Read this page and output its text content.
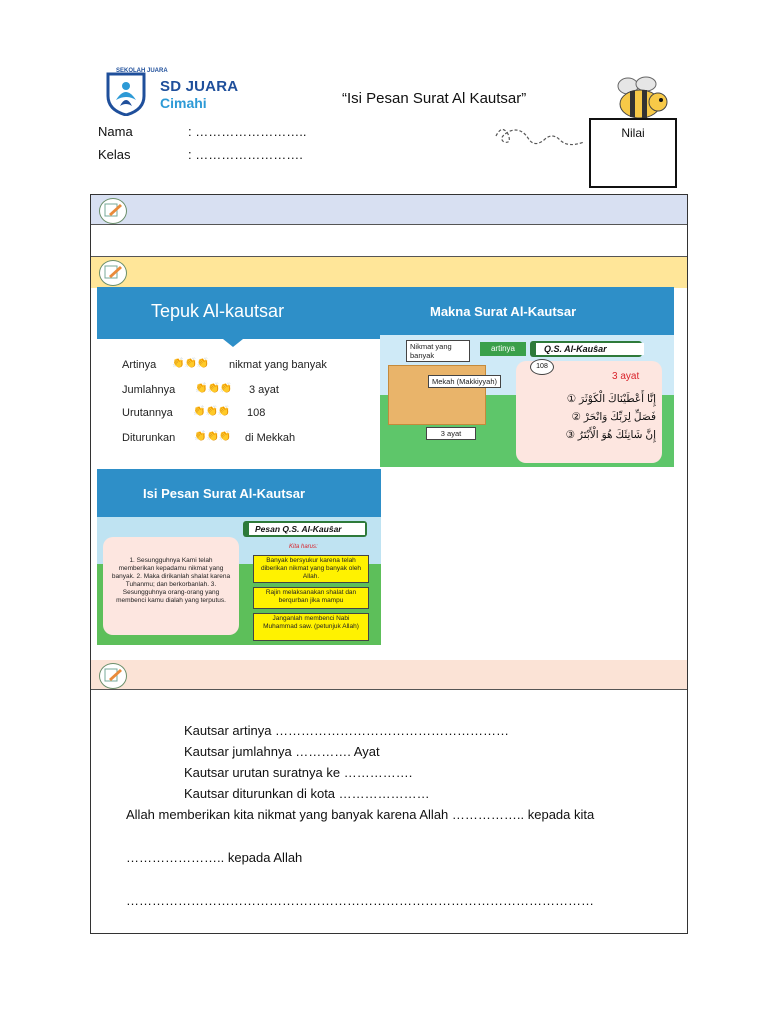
SEKOLAH JUARA
SD JUARA
Cimahi	“Isi Pesan Surat Al Kautsar”
Nama	: ……………………..
Kelas	: …………………….
Nilai
Tepuk Al-kautsar
Artinya 👏👏👏 nikmat yang banyak
Jumlahnya 👏👏👏 3 ayat
Urutannya 👏👏👏 108
Diturunkan 👏👏👏 di Mekkah
Makna Surat Al-Kautsar
Nikmat yang banyak
artinya	Q.S. Al-Kauŝar
Mekah (Makkiyyah)
3 ayat
108
3 ayat
إِنَّا أَعْطَيْنَاكَ الْكَوْثَرَ ①
فَصَلِّ لِرَبِّكَ وَانْحَرْ ②
إِنَّ شَانِئَكَ هُوَ الْأَبْتَرُ ③
Isi Pesan Surat Al-Kautsar
1. Sesungguhnya Kami telah memberikan kepadamu nikmat yang banyak. 2. Maka dirikanlah shalat karena Tuhanmu; dan berkorbanlah. 3. Sesungguhnya orang-orang yang membenci kamu dialah yang terputus.
Pesan Q.S. Al-Kauŝar
Kita harus:
Banyak bersyukur karena telah diberikan nikmat yang banyak oleh Allah.
Rajin melaksanakan shalat dan berqurban jika mampu
Janganlah membenci Nabi Muhammad saw. (petunjuk Allah)
Kautsar artinya ………………………………………………
Kautsar jumlahnya …………. Ayat
Kautsar urutan suratnya ke …………….
Kautsar diturunkan di kota …………………
Allah memberikan kita nikmat yang banyak karena Allah …………….. kepada kita
………………….. kepada Allah
………………………………………………………………………………………………
